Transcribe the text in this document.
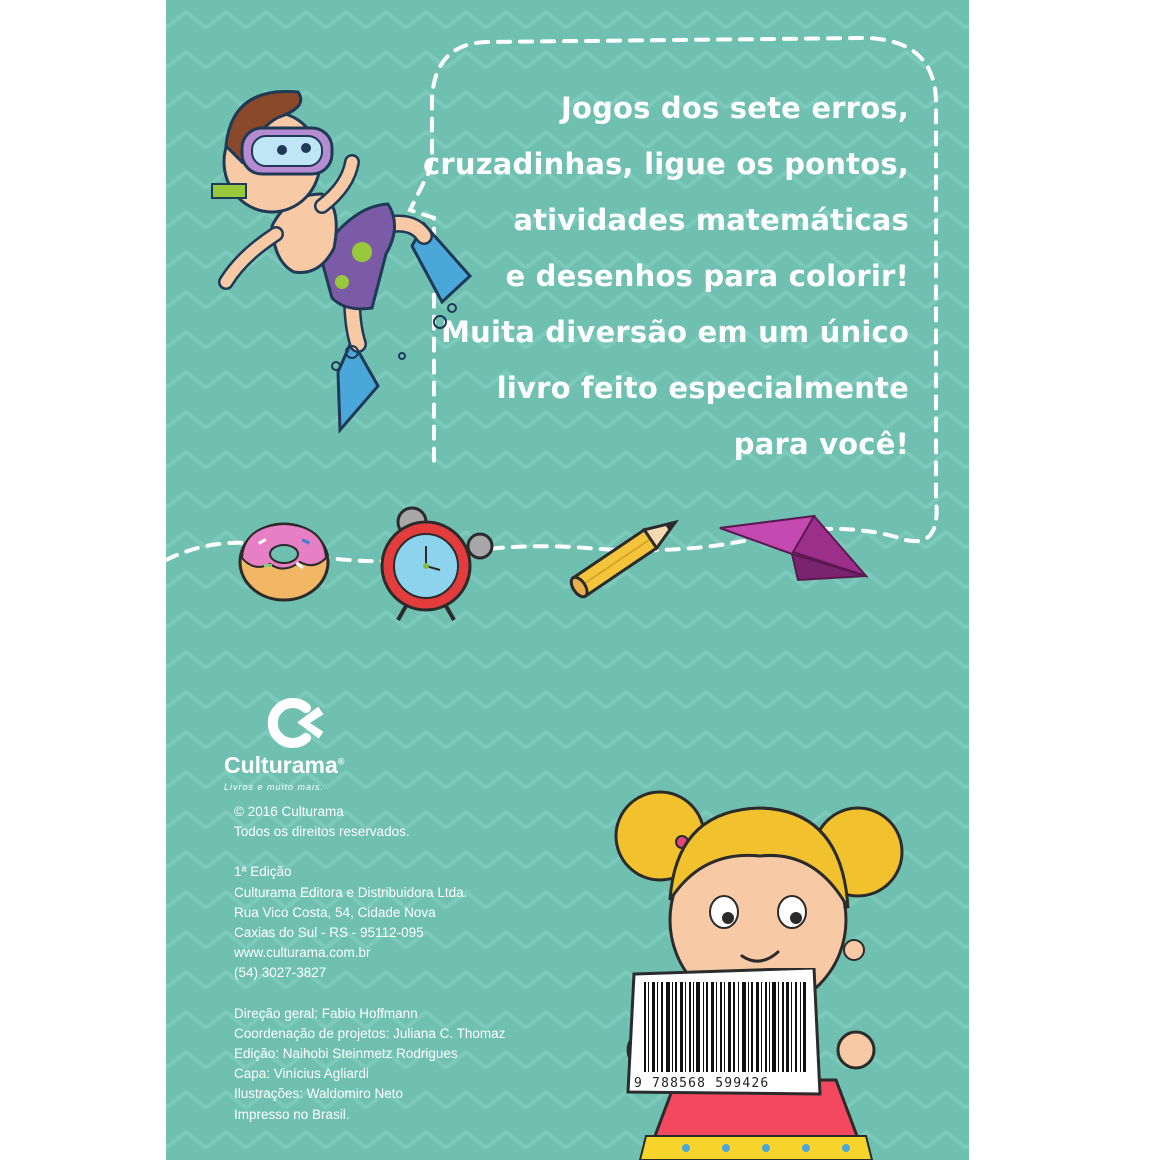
Jogos dos sete erros,

cruzadinhas, ligue os pontos,

atividades matemáticas

e desenhos para colorir!

Muita diversão em um único

livro feito especialmente

para você!

Culturama®
Livros e muito mais.
© 2016 Culturama
Todos os direitos reservados.
1ª Edição
Culturama Editora e Distribuidora Ltda.
Rua Vico Costa, 54, Cidade Nova
Caxias do Sul - RS - 95112-095
www.culturama.com.br
(54) 3027-3827
Direção geral: Fabio Hoffmann
Coordenação de projetos: Juliana C. Thomaz
Edição: Naihobi Steinmetz Rodrigues
Capa: Vinícius Agliardi
Ilustrações: Waldomiro Neto
Impresso no Brasil.
9 788568 599426
